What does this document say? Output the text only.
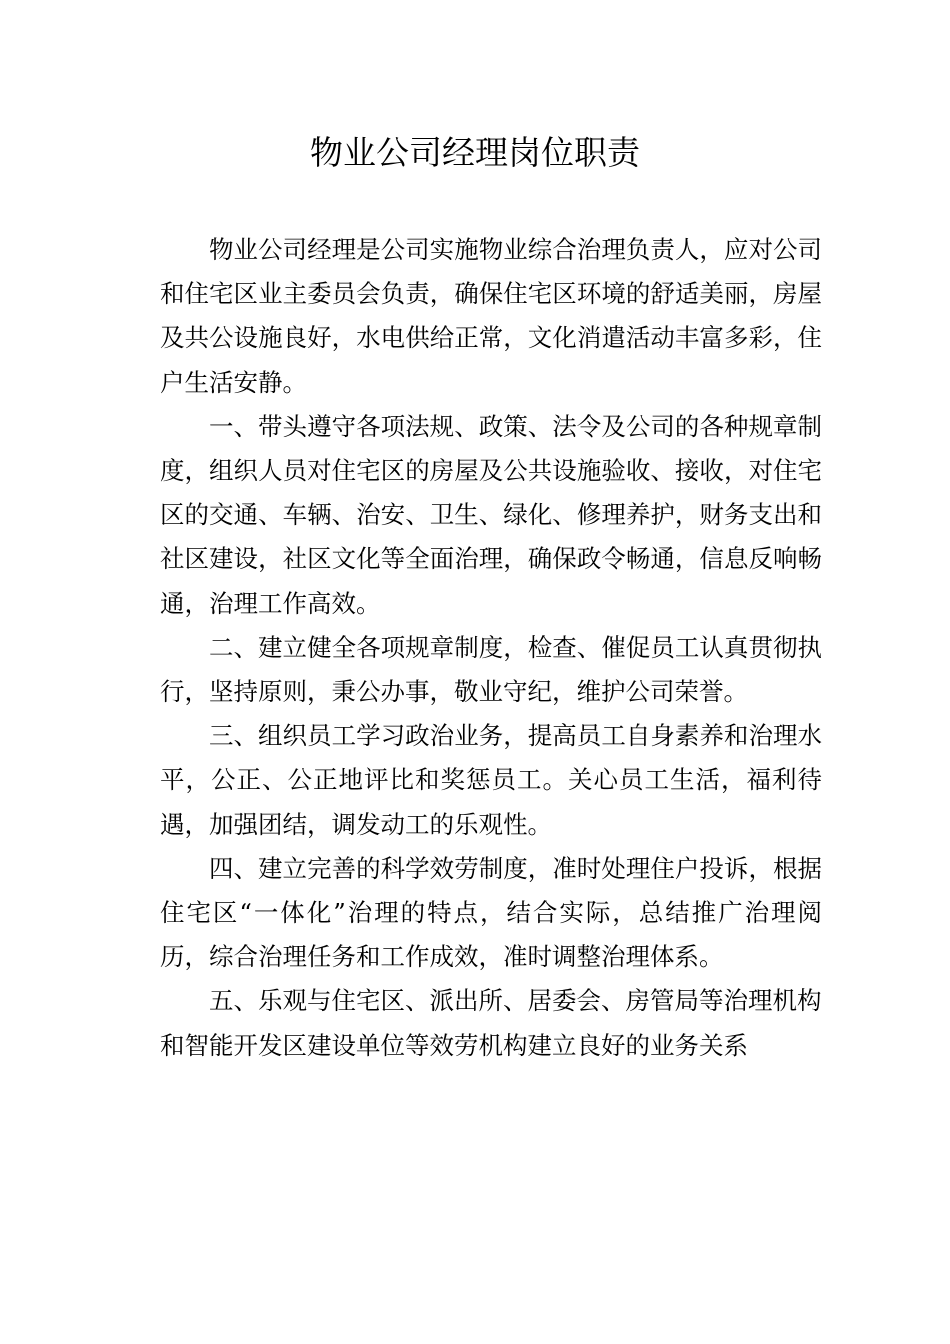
物业公司经理岗位职责

物业公司经理是公司实施物业综合治理负责人，应对公司和住宅区业主委员会负责，确保住宅区环境的舒适美丽，房屋及共公设施良好，水电供给正常，文化消遣活动丰富多彩，住户生活安静。

一、带头遵守各项法规、政策、法令及公司的各种规章制度，组织人员对住宅区的房屋及公共设施验收、接收，对住宅区的交通、车辆、治安、卫生、绿化、修理养护，财务支出和社区建设，社区文化等全面治理，确保政令畅通，信息反响畅通，治理工作高效。

二、建立健全各项规章制度，检查、催促员工认真贯彻执行，坚持原则，秉公办事，敬业守纪，维护公司荣誉。

三、组织员工学习政治业务，提高员工自身素养和治理水平，公正、公正地评比和奖惩员工。关心员工生活，福利待遇，加强团结，调发动工的乐观性。

四、建立完善的科学效劳制度，准时处理住户投诉，根据住宅区“一体化”治理的特点，结合实际，总结推广治理阅历，综合治理任务和工作成效，准时调整治理体系。

五、乐观与住宅区、派出所、居委会、房管局等治理机构和智能开发区建设单位等效劳机构建立良好的业务关系
